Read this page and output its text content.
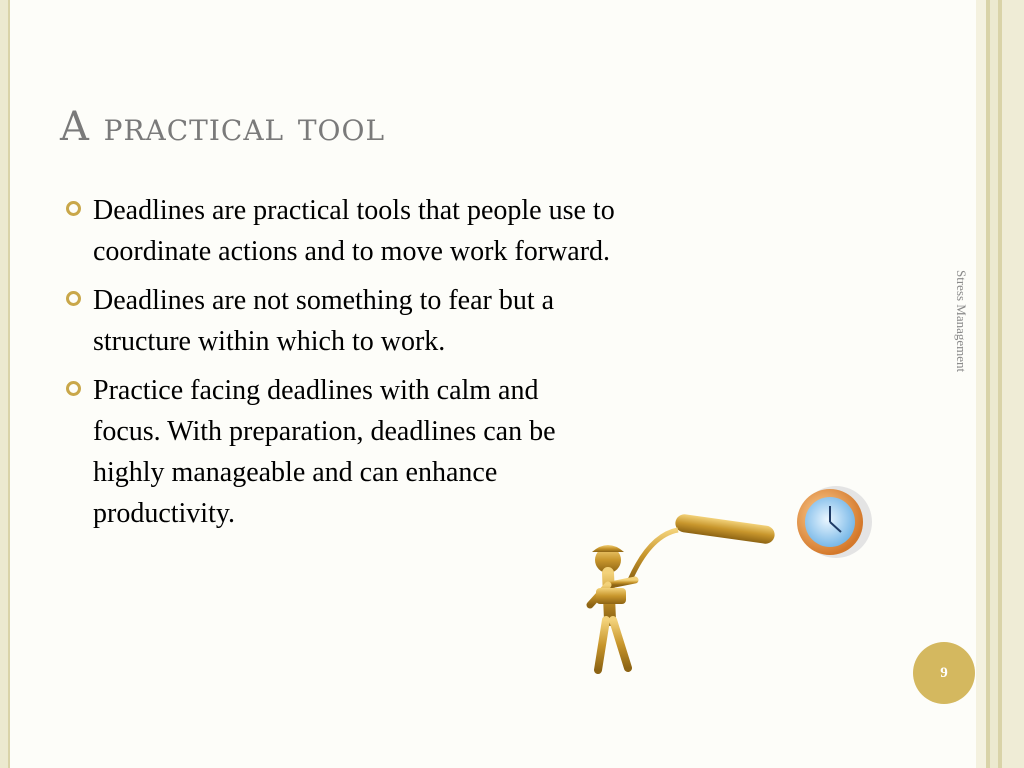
A practical tool
Deadlines are practical tools that people use to coordinate actions and to move work forward.
Deadlines are not something to fear but a structure within which to work.
Practice facing deadlines with calm and focus. With preparation, deadlines can be highly manageable and can enhance productivity.
Stress Management
9
